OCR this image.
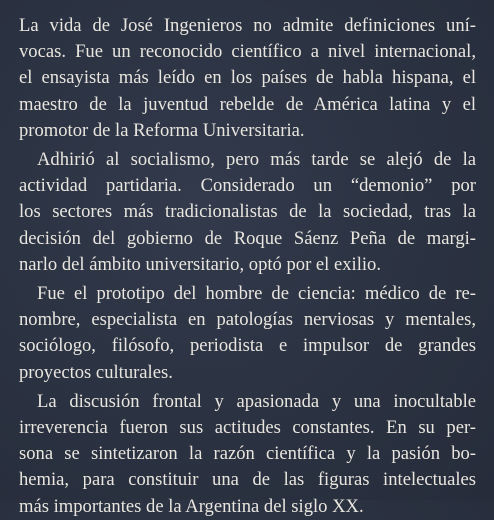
La vida de José Ingenieros no admite definiciones uní-
vocas. Fue un reconocido científico a nivel internacional,
el ensayista más leído en los países de habla hispana, el
maestro de la juventud rebelde de América latina y el
promotor de la Reforma Universitaria.

Adhirió al socialismo, pero más tarde se alejó de la
actividad partidaria. Considerado un “demonio” por
los sectores más tradicionalistas de la sociedad, tras la
decisión del gobierno de Roque Sáenz Peña de margi-
narlo del ámbito universitario, optó por el exilio.

Fue el prototipo del hombre de ciencia: médico de re-
nombre, especialista en patologías nerviosas y mentales,
sociólogo, filósofo, periodista e impulsor de grandes
proyectos culturales.

La discusión frontal y apasionada y una inocultable
irreverencia fueron sus actitudes constantes. En su per-
sona se sintetizaron la razón científica y la pasión bo-
hemia, para constituir una de las figuras intelectuales
más importantes de la Argentina del siglo XX.
